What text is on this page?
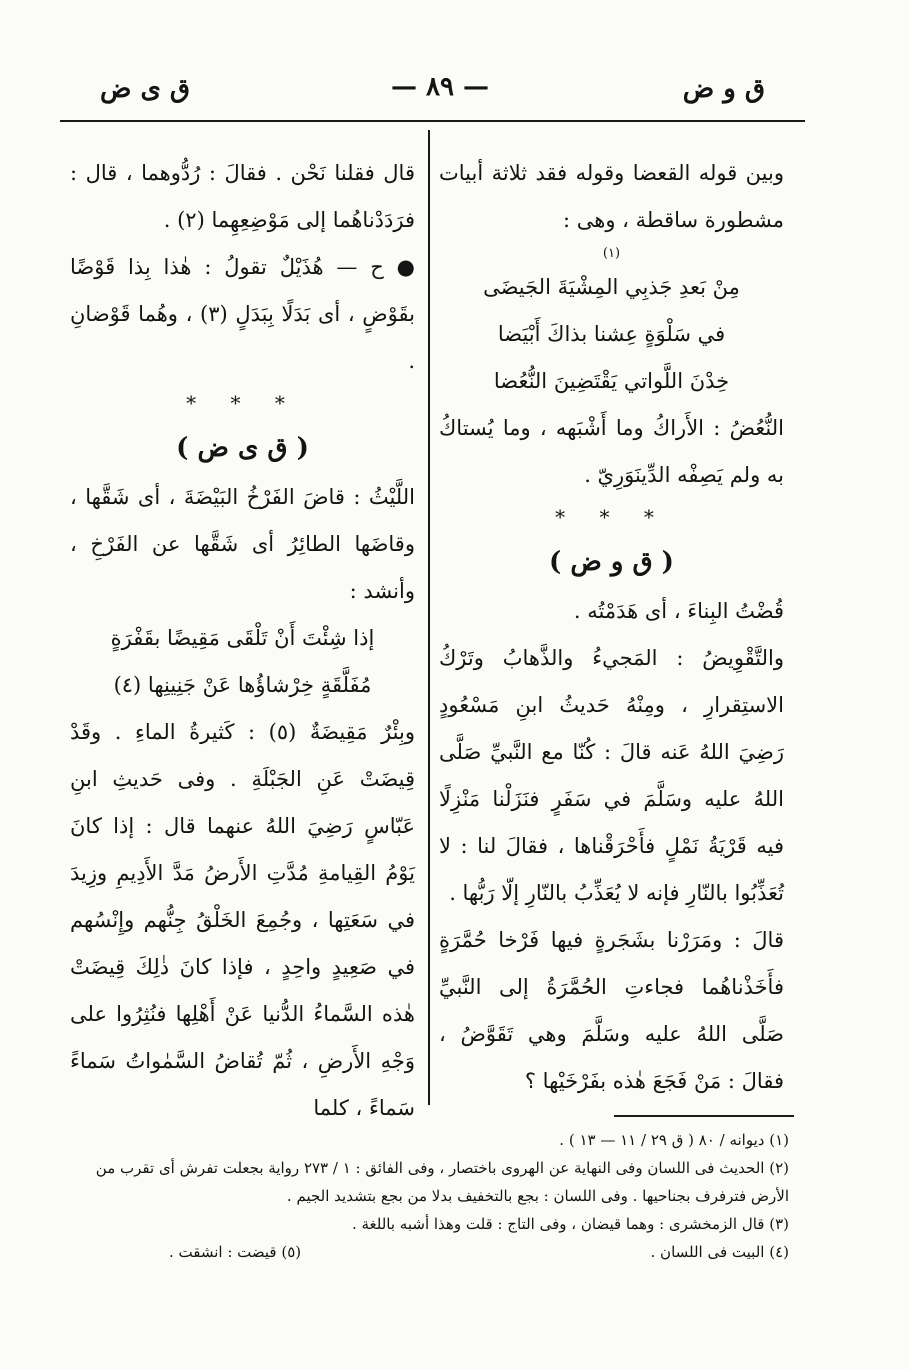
ق و ض
— ٨٩ —
ق ى ض

وبين قوله القعضا وقوله فقد ثلاثة أبيات مشطورة ساقطة ، وهى :

(١)

مِنْ بَعدِ جَذبِي المِشْيَةَ الجَيضَى

في سَلْوَةٍ عِشنا بذاكَ أَبْيَضا

خِدْنَ اللَّواتي يَقْتَضِينَ النُّعُضا

النُّعُضُ : الأَراكُ وما أَشْبَهه ، وما يُستاكُ به ولم يَصِفْه الدِّينَوَرِيّ .

* * *

( ق و ض )

قُضْتُ البِناءَ ، أى هَدَمْتُه .

والتَّقْوِيضُ : المَجيءُ والذَّهابُ وتَرْكُ الاستِقرارِ ، ومِنْهُ حَديثُ ابنِ مَسْعُودٍ رَضِيَ اللهُ عَنه قالَ : كُنّا مع النَّبيِّ صَلَّى اللهُ عليه وسَلَّمَ في سَفَرٍ فنَزَلْنا مَنْزِلًا فيه قَرْيَةُ نَمْلٍ فأَحْرَقْناها ، فقالَ لنا : لا تُعَذِّبُوا بالنّارِ فإنه لا يُعَذِّبُ بالنّارِ إلّا رَبُّها .

قالَ : ومَرَرْنا بشَجَرةٍ فيها فَرْخا حُمَّرَةٍ فأَخَذْناهُما فجاءتِ الحُمَّرَةُ إلى النَّبيِّ صَلَّى اللهُ عليه وسَلَّمَ وهي تَقَوَّضُ ، فقالَ : مَنْ فَجَعَ هٰذه بفَرْخَيْها ؟

قال فقلنا نَحْن . فقالَ : رُدُّوهما ، قال : فرَدَدْناهُما إلى مَوْضِعِهِما (٢) .

● ح — هُذَيْلٌ تقولُ : هٰذا بِذا قَوْضًا بقَوْضٍ ، أى بَدَلًا بِبَدَلٍ (٣) ، وهُما قَوْضانِ .

* * *

( ق ى ض )

اللَّيْثُ : قاضَ الفَرْخُ البَيْضَةَ ، أى شَقَّها ، وقاضَها الطائِرُ أى شَقَّها عن الفَرْخِ ، وأنشد :

إذا شِئْتَ أَنْ تَلْقَى مَقِيضًا بقَفْرَةٍ

مُفَلَّقَةٍ خِرْشاؤُها عَنْ جَنِينِها (٤)

وبِئْرٌ مَقِيضَةٌ (٥) : كَثيرةُ الماءِ . وقَدْ قِيضَتْ عَنِ الجَبْلَةِ . وفى حَديثِ ابنِ عَبّاسٍ رَضِيَ اللهُ عنهما قال : إذا كانَ يَوْمُ القِيامةِ مُدَّتِ الأَرضُ مَدَّ الأَدِيمِ وزِيدَ في سَعَتِها ، وجُمِعَ الخَلْقُ جِنُّهم وإِنْسُهم في صَعِيدٍ واحِدٍ ، فإذا كانَ ذٰلِكَ قِيضَتْ هٰذه السَّماءُ الدُّنيا عَنْ أَهْلِها فنُثِرُوا على وَجْهِ الأَرضِ ، ثُمّ تُقاضُ السَّمٰواتُ سَماءً سَماءً ، كلما

(١) ديوانه / ٨٠ ( ق ٢٩ / ١١ — ١٣ ) .

(٢) الحديث فى اللسان وفى النهاية عن الهروى باختصار ، وفى الفائق : ١ / ٢٧٣ رواية بجعلت تفرش أى تقرب من الأرض فترفرف بجناحيها . وفى اللسان : بجع بالتخفيف بدلا من بجع بتشديد الجيم .

(٣) قال الزمخشرى : وهما قيضان ، وفى التاج : قلت وهذا أشبه باللغة .

(٤) البيت فى اللسان .

(٥) قيضت : انشقت .
